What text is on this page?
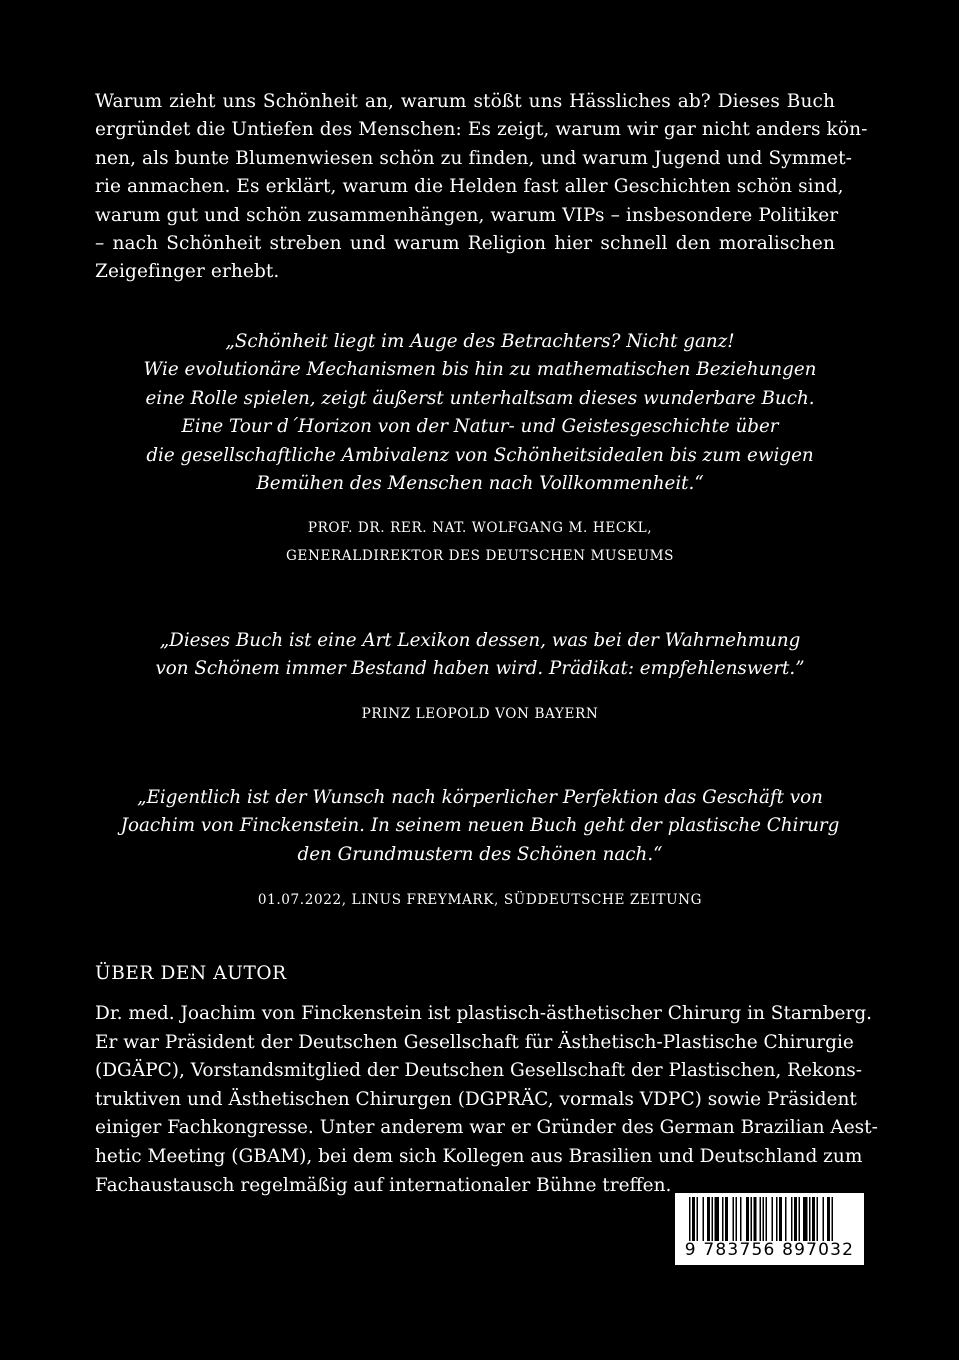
Warum zieht uns Schönheit an, warum stößt uns Hässliches ab? Dieses Buch
ergründet die Untiefen des Menschen: Es zeigt, warum wir gar nicht anders kön-
nen, als bunte Blumenwiesen schön zu finden, und warum Jugend und Symmet-
rie anmachen. Es erklärt, warum die Helden fast aller Geschichten schön sind,
warum gut und schön zusammenhängen, warum VIPs – insbesondere Politiker
– nach Schönheit streben und warum Religion hier schnell den moralischen
Zeigefinger erhebt.
„Schönheit liegt im Auge des Betrachters? Nicht ganz!
Wie evolutionäre Mechanismen bis hin zu mathematischen Beziehungen
eine Rolle spielen, zeigt äußerst unterhaltsam dieses wunderbare Buch.
Eine Tour d´Horizon von der Natur- und Geistesgeschichte über
die gesellschaftliche Ambivalenz von Schönheitsidealen bis zum ewigen
Bemühen des Menschen nach Vollkommenheit.“
PROF. DR. RER. NAT. WOLFGANG M. HECKL,
GENERALDIREKTOR DES DEUTSCHEN MUSEUMS
„Dieses Buch ist eine Art Lexikon dessen, was bei der Wahrnehmung
von Schönem immer Bestand haben wird. Prädikat: empfehlenswert.”
PRINZ LEOPOLD VON BAYERN
„Eigentlich ist der Wunsch nach körperlicher Perfektion das Geschäft von
Joachim von Finckenstein. In seinem neuen Buch geht der plastische Chirurg
den Grundmustern des Schönen nach.“
01.07.2022, LINUS FREYMARK, SÜDDEUTSCHE ZEITUNG
ÜBER DEN AUTOR
Dr. med. Joachim von Finckenstein ist plastisch-ästhetischer Chirurg in Starnberg.
Er war Präsident der Deutschen Gesellschaft für Ästhetisch-Plastische Chirurgie
(DGÄPC), Vorstandsmitglied der Deutschen Gesellschaft der Plastischen, Rekons-
truktiven und Ästhetischen Chirurgen (DGPRÄC, vormals VDPC) sowie Präsident
einiger Fachkongresse. Unter anderem war er Gründer des German Brazilian Aest-
hetic Meeting (GBAM), bei dem sich Kollegen aus Brasilien und Deutschland zum
Fachaustausch regelmäßig auf internationaler Bühne treffen.
9 783756 897032
